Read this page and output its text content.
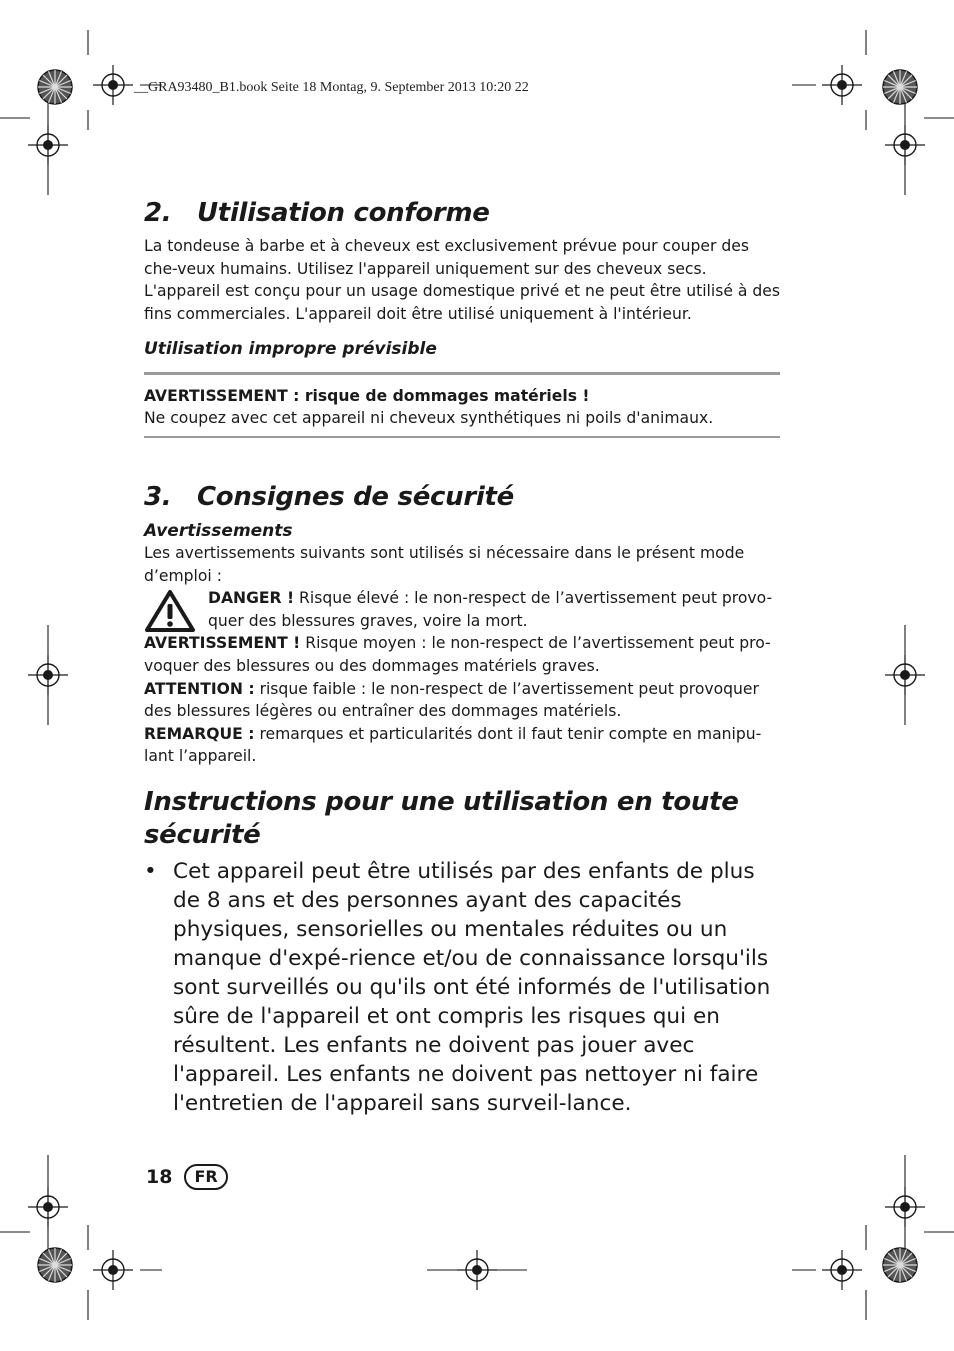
__GRA93480_B1.book Seite 18 Montag, 9. September 2013 10:20 22
2. Utilisation conforme

La tondeuse à barbe et à cheveux est exclusivement prévue pour couper des che-veux humains. Utilisez l'appareil uniquement sur des cheveux secs.

L'appareil est conçu pour un usage domestique privé et ne peut être utilisé à des fins commerciales. L'appareil doit être utilisé uniquement à l'intérieur.

Utilisation impropre prévisible

AVERTISSEMENT : risque de dommages matériels !

Ne coupez avec cet appareil ni cheveux synthétiques ni poils d'animaux.

3. Consignes de sécurité

Avertissements

Les avertissements suivants sont utilisés si nécessaire dans le présent mode d’emploi :

DANGER ! Risque élevé : le non-respect de l’avertissement peut provo-quer des blessures graves, voire la mort.

AVERTISSEMENT ! Risque moyen : le non-respect de l’avertissement peut pro-voquer des blessures ou des dommages matériels graves.

ATTENTION : risque faible : le non-respect de l’avertissement peut provoquer des blessures légères ou entraîner des dommages matériels.

REMARQUE : remarques et particularités dont il faut tenir compte en manipu-lant l’appareil.

Instructions pour une utilisation en toute sécurité
• Cet appareil peut être utilisés par des enfants de plus de 8 ans et des personnes ayant des capacités physiques, sensorielles ou mentales réduites ou un manque d'expé-rience et/ou de connaissance lorsqu'ils sont surveillés ou qu'ils ont été informés de l'utilisation sûre de l'appareil et ont compris les risques qui en résultent. Les enfants ne doivent pas jouer avec l'appareil. Les enfants ne doivent pas nettoyer ni faire l'entretien de l'appareil sans surveil-lance.
18	FR
